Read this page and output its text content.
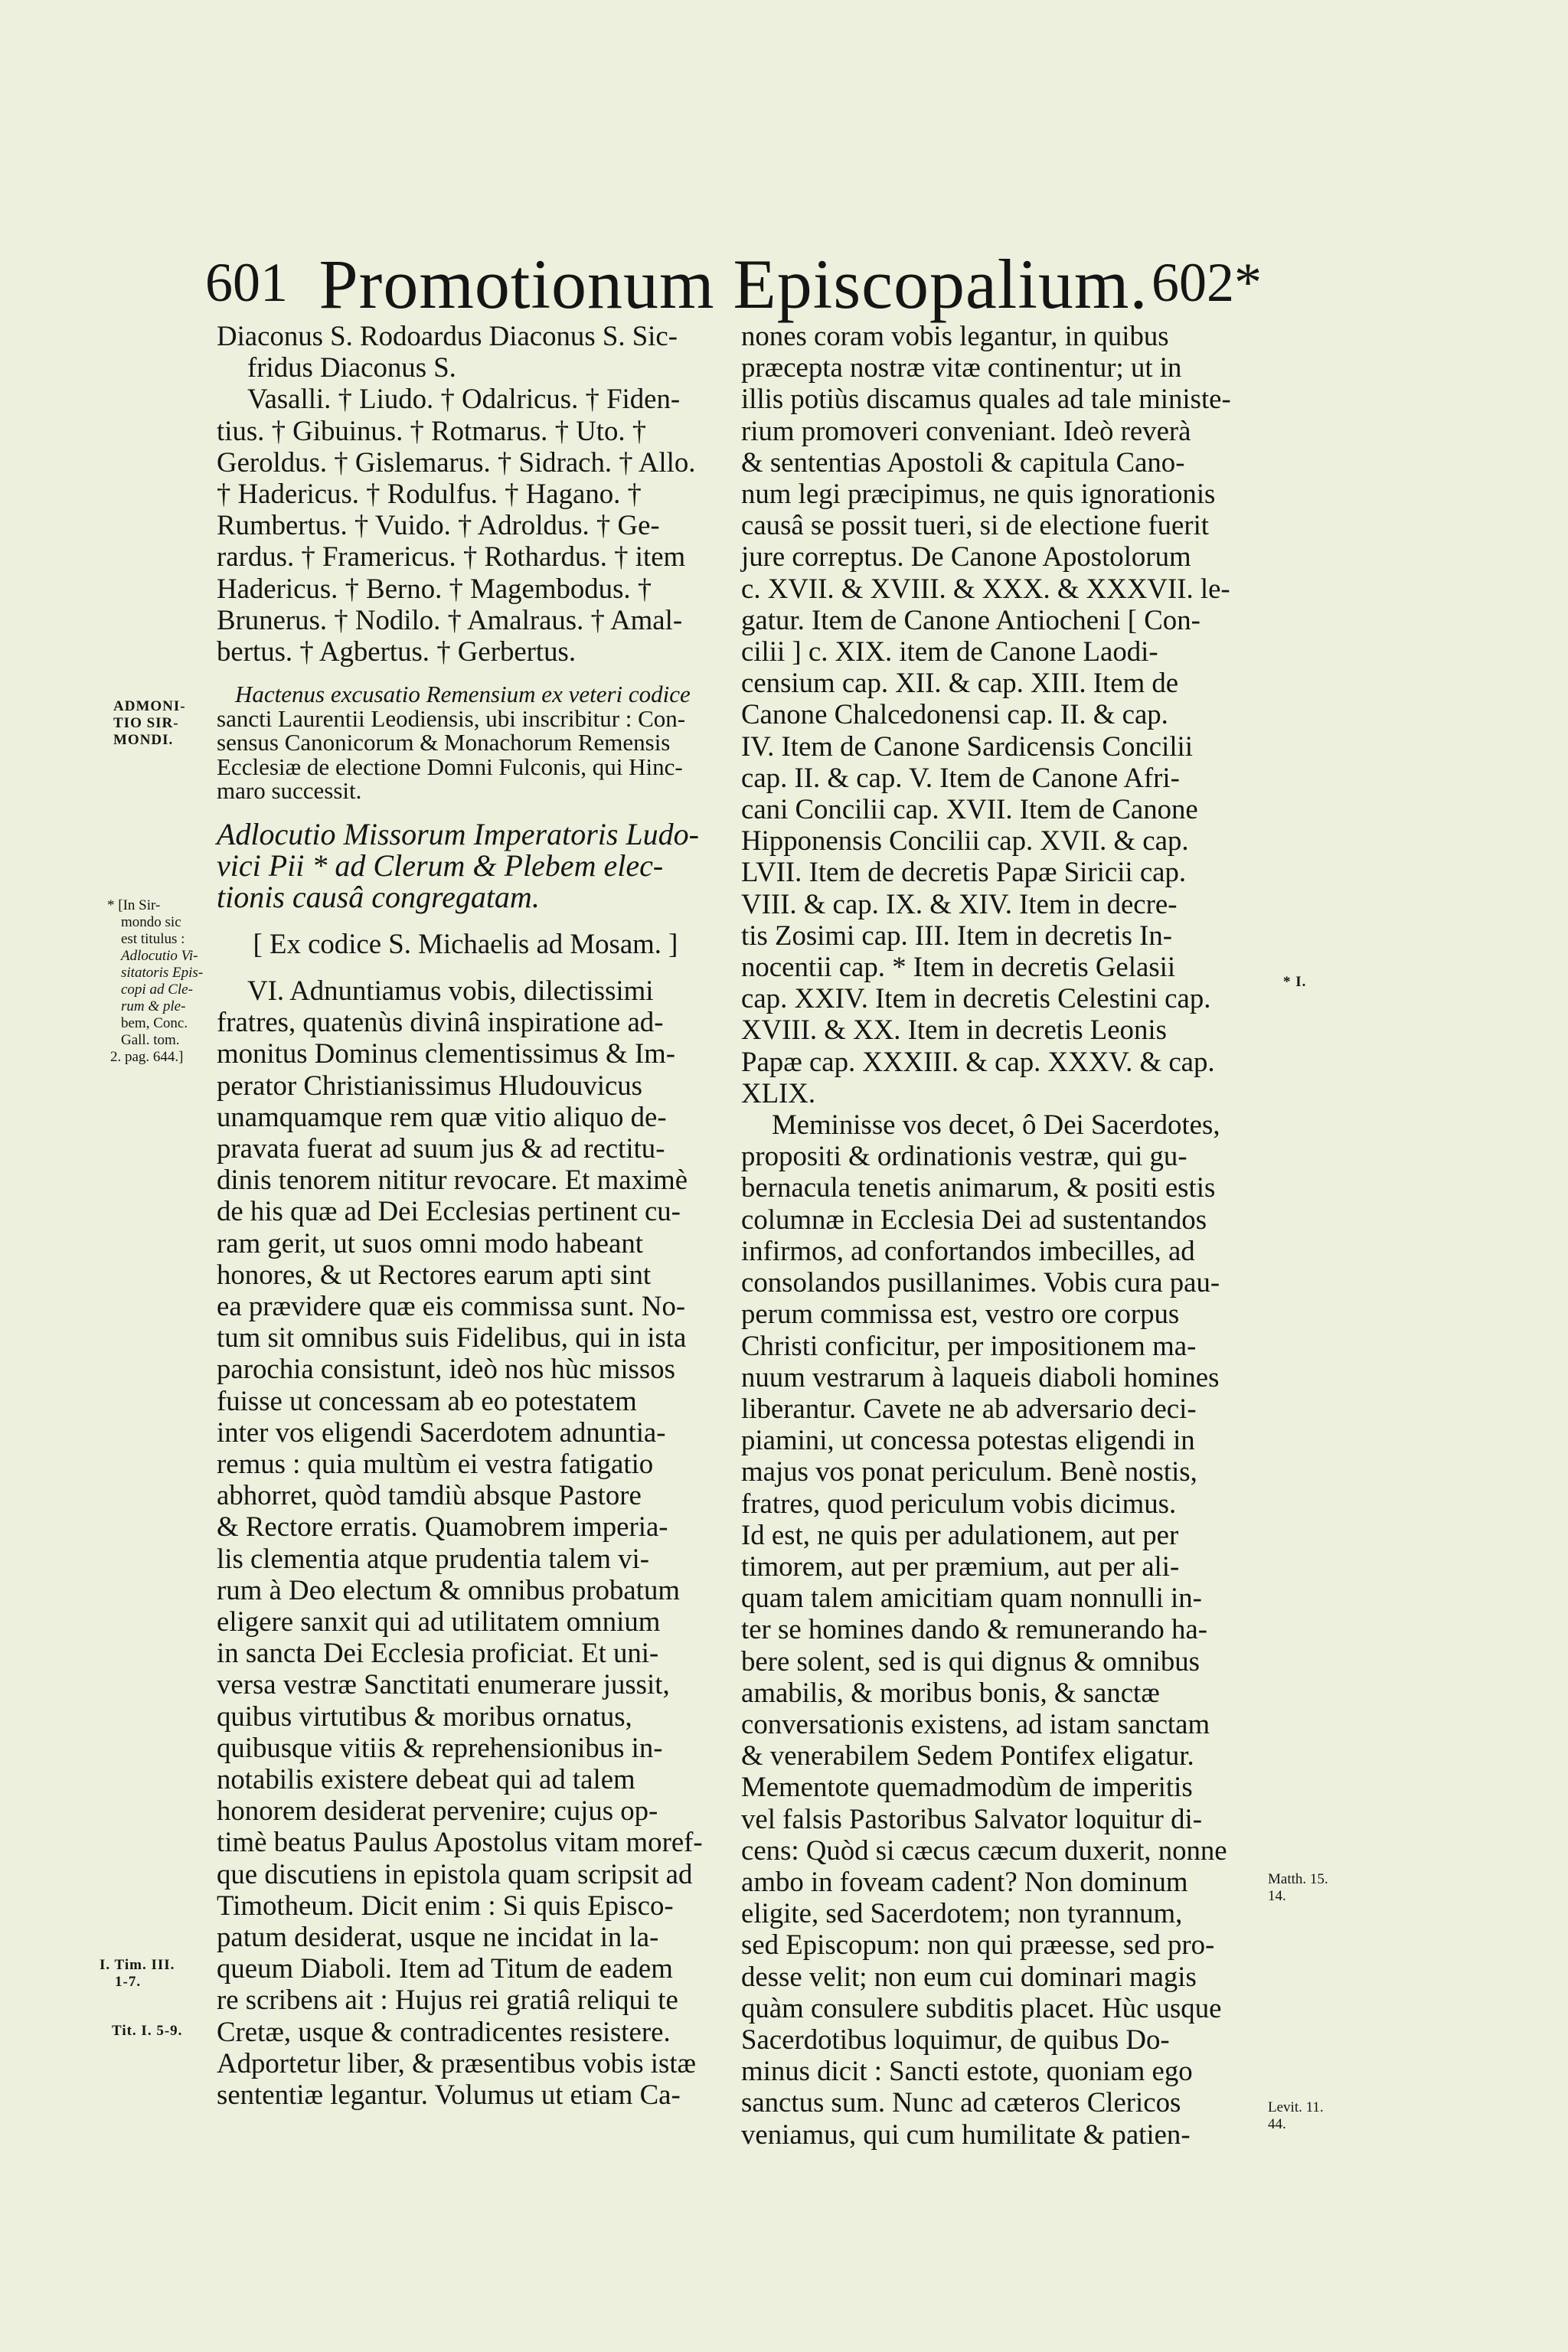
601 Promotionum Episcopalium. 602*

Diaconus S. Rodoardus Diaconus S. Sic-

fridus Diaconus S.

Vasalli. † Liudo. † Odalricus. † Fiden-

tius. † Gibuinus. † Rotmarus. † Uto. †

Geroldus. † Gislemarus. † Sidrach. † Allo.

† Hadericus. † Rodulfus. † Hagano. †

Rumbertus. † Vuido. † Adroldus. † Ge-

rardus. † Framericus. † Rothardus. † item

Hadericus. † Berno. † Magembodus. †

Brunerus. † Nodilo. † Amalraus. † Amal-

bertus. † Agbertus. † Gerbertus.

Hactenus excusatio Remensium ex veteri codice

sancti Laurentii Leodiensis, ubi inscribitur : Con-

sensus Canonicorum & Monachorum Remensis

Ecclesiæ de electione Domni Fulconis, qui Hinc-

maro successit.

Adlocutio Missorum Imperatoris Ludo-

vici Pii * ad Clerum & Plebem elec-

tionis causâ congregatam.

[ Ex codice S. Michaelis ad Mosam. ]

VI. Adnuntiamus vobis, dilectissimi

fratres, quatenùs divinâ inspiratione ad-

monitus Dominus clementissimus & Im-

perator Christianissimus Hludouvicus

unamquamque rem quæ vitio aliquo de-

pravata fuerat ad suum jus & ad rectitu-

dinis tenorem nititur revocare. Et maximè

de his quæ ad Dei Ecclesias pertinent cu-

ram gerit, ut suos omni modo habeant

honores, & ut Rectores earum apti sint

ea prævidere quæ eis commissa sunt. No-

tum sit omnibus suis Fidelibus, qui in ista

parochia consistunt, ideò nos hùc missos

fuisse ut concessam ab eo potestatem

inter vos eligendi Sacerdotem adnuntia-

remus : quia multùm ei vestra fatigatio

abhorret, quòd tamdiù absque Pastore

& Rectore erratis. Quamobrem imperia-

lis clementia atque prudentia talem vi-

rum à Deo electum & omnibus probatum

eligere sanxit qui ad utilitatem omnium

in sancta Dei Ecclesia proficiat. Et uni-

versa vestræ Sanctitati enumerare jussit,

quibus virtutibus & moribus ornatus,

quibusque vitiis & reprehensionibus in-

notabilis existere debeat qui ad talem

honorem desiderat pervenire; cujus op-

timè beatus Paulus Apostolus vitam moref-

que discutiens in epistola quam scripsit ad

Timotheum. Dicit enim : Si quis Episco-

patum desiderat, usque ne incidat in la-

queum Diaboli. Item ad Titum de eadem

re scribens ait : Hujus rei gratiâ reliqui te

Cretæ, usque & contradicentes resistere.

Adportetur liber, & præsentibus vobis istæ

sententiæ legantur. Volumus ut etiam Ca-

nones coram vobis legantur, in quibus

præcepta nostræ vitæ continentur; ut in

illis potiùs discamus quales ad tale ministe-

rium promoveri conveniant. Ideò reverà

& sententias Apostoli & capitula Cano-

num legi præcipimus, ne quis ignorationis

causâ se possit tueri, si de electione fuerit

jure correptus. De Canone Apostolorum

c. XVII. & XVIII. & XXX. & XXXVII. le-

gatur. Item de Canone Antiocheni [ Con-

cilii ] c. XIX. item de Canone Laodi-

censium cap. XII. & cap. XIII. Item de

Canone Chalcedonensi cap. II. & cap.

IV. Item de Canone Sardicensis Concilii

cap. II. & cap. V. Item de Canone Afri-

cani Concilii cap. XVII. Item de Canone

Hipponensis Concilii cap. XVII. & cap.

LVII. Item de decretis Papæ Siricii cap.

VIII. & cap. IX. & XIV. Item in decre-

tis Zosimi cap. III. Item in decretis In-

nocentii cap. * Item in decretis Gelasii

cap. XXIV. Item in decretis Celestini cap.

XVIII. & XX. Item in decretis Leonis

Papæ cap. XXXIII. & cap. XXXV. & cap.

XLIX.

Meminisse vos decet, ô Dei Sacerdotes,

propositi & ordinationis vestræ, qui gu-

bernacula tenetis animarum, & positi estis

columnæ in Ecclesia Dei ad sustentandos

infirmos, ad confortandos imbecilles, ad

consolandos pusillanimes. Vobis cura pau-

perum commissa est, vestro ore corpus

Christi conficitur, per impositionem ma-

nuum vestrarum à laqueis diaboli homines

liberantur. Cavete ne ab adversario deci-

piamini, ut concessa potestas eligendi in

majus vos ponat periculum. Benè nostis,

fratres, quod periculum vobis dicimus.

Id est, ne quis per adulationem, aut per

timorem, aut per præmium, aut per ali-

quam talem amicitiam quam nonnulli in-

ter se homines dando & remunerando ha-

bere solent, sed is qui dignus & omnibus

amabilis, & moribus bonis, & sanctæ

conversationis existens, ad istam sanctam

& venerabilem Sedem Pontifex eligatur.

Mementote quemadmodùm de imperitis

vel falsis Pastoribus Salvator loquitur di-

cens: Quòd si cæcus cæcum duxerit, nonne

ambo in foveam cadent? Non dominum

eligite, sed Sacerdotem; non tyrannum,

sed Episcopum: non qui præesse, sed pro-

desse velit; non eum cui dominari magis

quàm consulere subditis placet. Hùc usque

Sacerdotibus loquimur, de quibus Do-

minus dicit : Sancti estote, quoniam ego

sanctus sum. Nunc ad cæteros Clericos

veniamus, qui cum humilitate & patien-

ADMONI-
TIO SIR-
MONDI.
* [In Sir-
mondo sic
est titulus :
Adlocutio Vi-
sitatoris Epis-
copi ad Cle-
rum & ple-
bem, Conc.
Gall. tom.
2. pag. 644.]
I. Tim. III.
1-7.
Tit. I. 5-9.
* I.
Matth. 15.
14.
Levit. 11.
44.
